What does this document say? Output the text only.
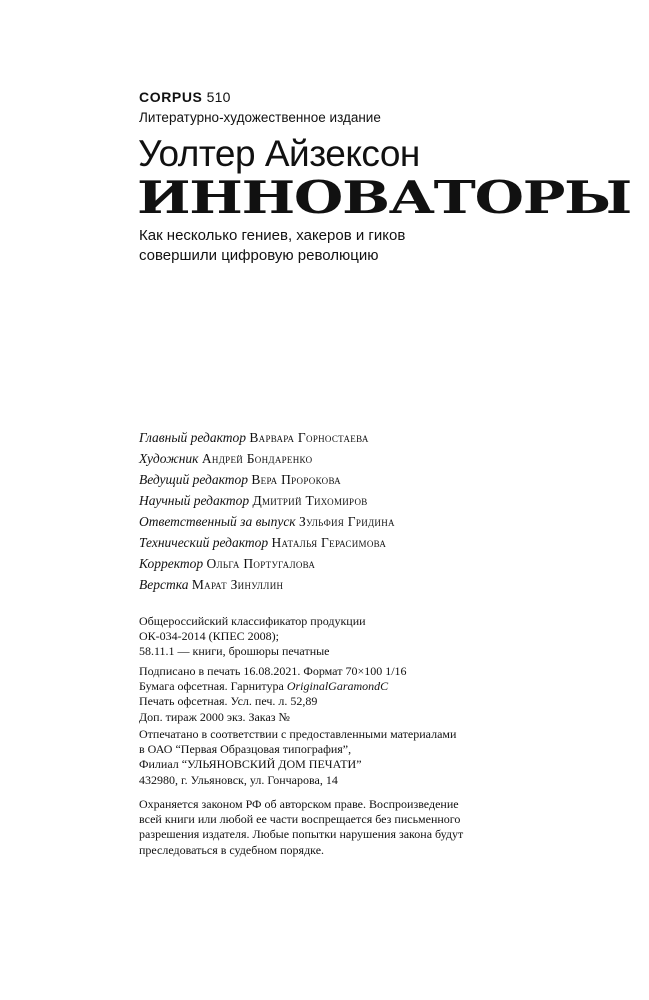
CORPUS 510
Литературно-художественное издание
Уолтер Айзексон
ИННОВАТОРЫ
Как несколько гениев, хакеров и гиков
совершили цифровую революцию
Главный редактор Варвара Горностаева
Художник Андрей Бондаренко
Ведущий редактор Вера Пророкова
Научный редактор Дмитрий Тихомиров
Ответственный за выпуск Зульфия Гридина
Технический редактор Наталья Герасимова
Корректор Ольга Португалова
Верстка Марат Зинуллин
Общероссийский классификатор продукции
ОК-034-2014 (КПЕС 2008);
58.11.1 — книги, брошюры печатные
Подписано в печать 16.08.2021. Формат 70×100 1/16
Бумага офсетная. Гарнитура OriginalGaramondC
Печать офсетная. Усл. печ. л. 52,89
Доп. тираж 2000 экз. Заказ №
Отпечатано в соответствии с предоставленными материалами
в ОАО “Первая Образцовая типография”,
Филиал “УЛЬЯНОВСКИЙ ДОМ ПЕЧАТИ”
432980, г. Ульяновск, ул. Гончарова, 14
Охраняется законом РФ об авторском праве. Воспроизведение
всей книги или любой ее части воспрещается без письменного
разрешения издателя. Любые попытки нарушения закона будут
преследоваться в судебном порядке.
